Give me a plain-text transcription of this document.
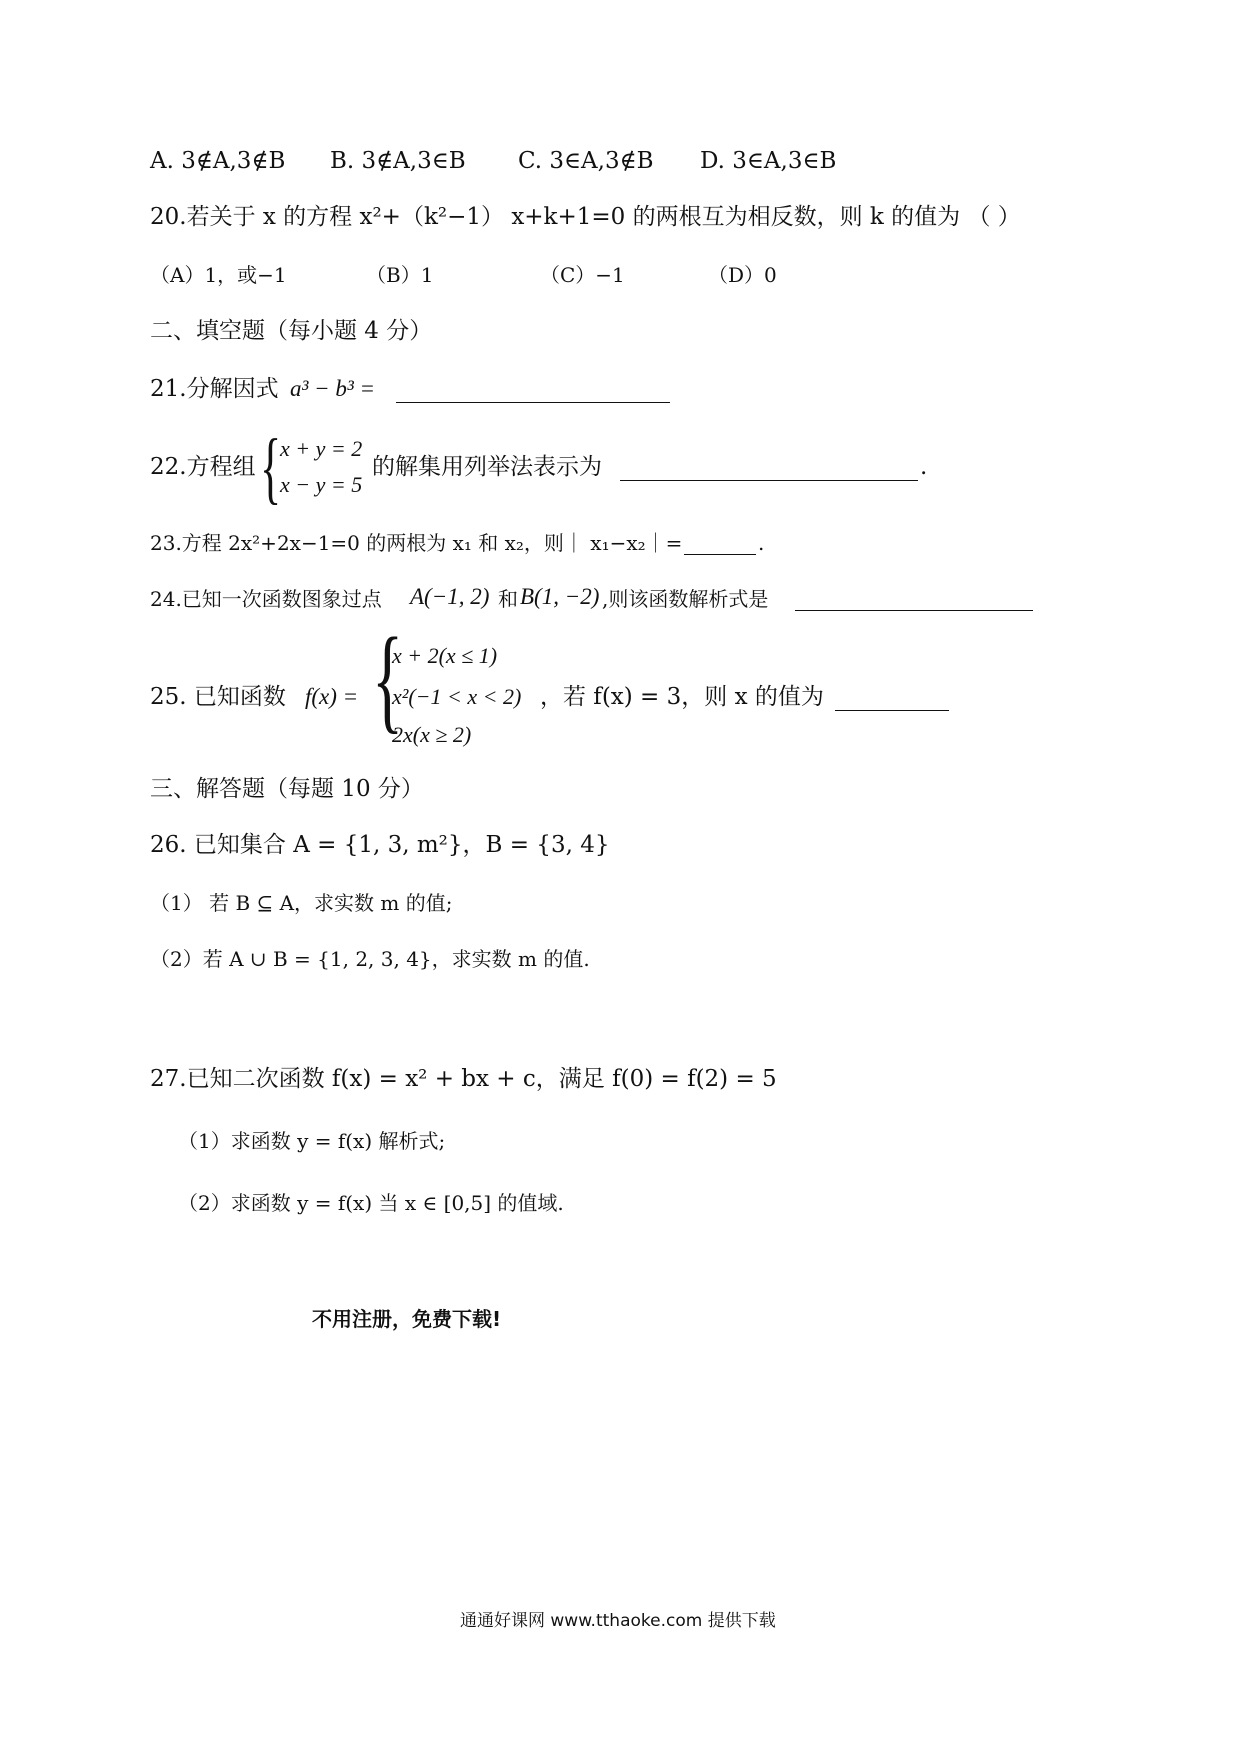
A. 3∉A,3∉B B. 3∉A,3∈B C. 3∈A,3∉B D. 3∈A,3∈B
20.若关于 x 的方程 x²+（k²−1） x+k+1=0 的两根互为相反数，则 k 的值为 （ ）
（A）1，或−1	（B）1	（C）−1	（D）0
二、填空题（每小题 4 分）
21.分解因式 a³ − b³ =
22.方程组 {
x + y = 2
x − y = 5
的解集用列举法表示为	.
23.方程 2x²+2x−1=0 的两根为 x₁ 和 x₂，则｜ x₁−x₂｜=	.
24.已知一次函数图象过点 A(−1, 2) 和 B(1, −2) ,则该函数解析式是
25. 已知函数 f(x) = {
x + 2(x ≤ 1)
x²(−1 < x < 2)
2x(x ≥ 2)
，若 f(x) = 3，则 x 的值为
三、解答题（每题 10 分）
26. 已知集合 A = {1, 3, m²}，B = {3, 4}
（1） 若 B ⊆ A，求实数 m 的值;
（2）若 A ∪ B = {1, 2, 3, 4}，求实数 m 的值.
27.已知二次函数 f(x) = x² + bx + c，满足 f(0) = f(2) = 5
（1）求函数 y = f(x) 解析式;
（2）求函数 y = f(x) 当 x ∈ [0,5] 的值域.
不用注册，免费下载!
通通好课网 www.tthaoke.com 提供下载
